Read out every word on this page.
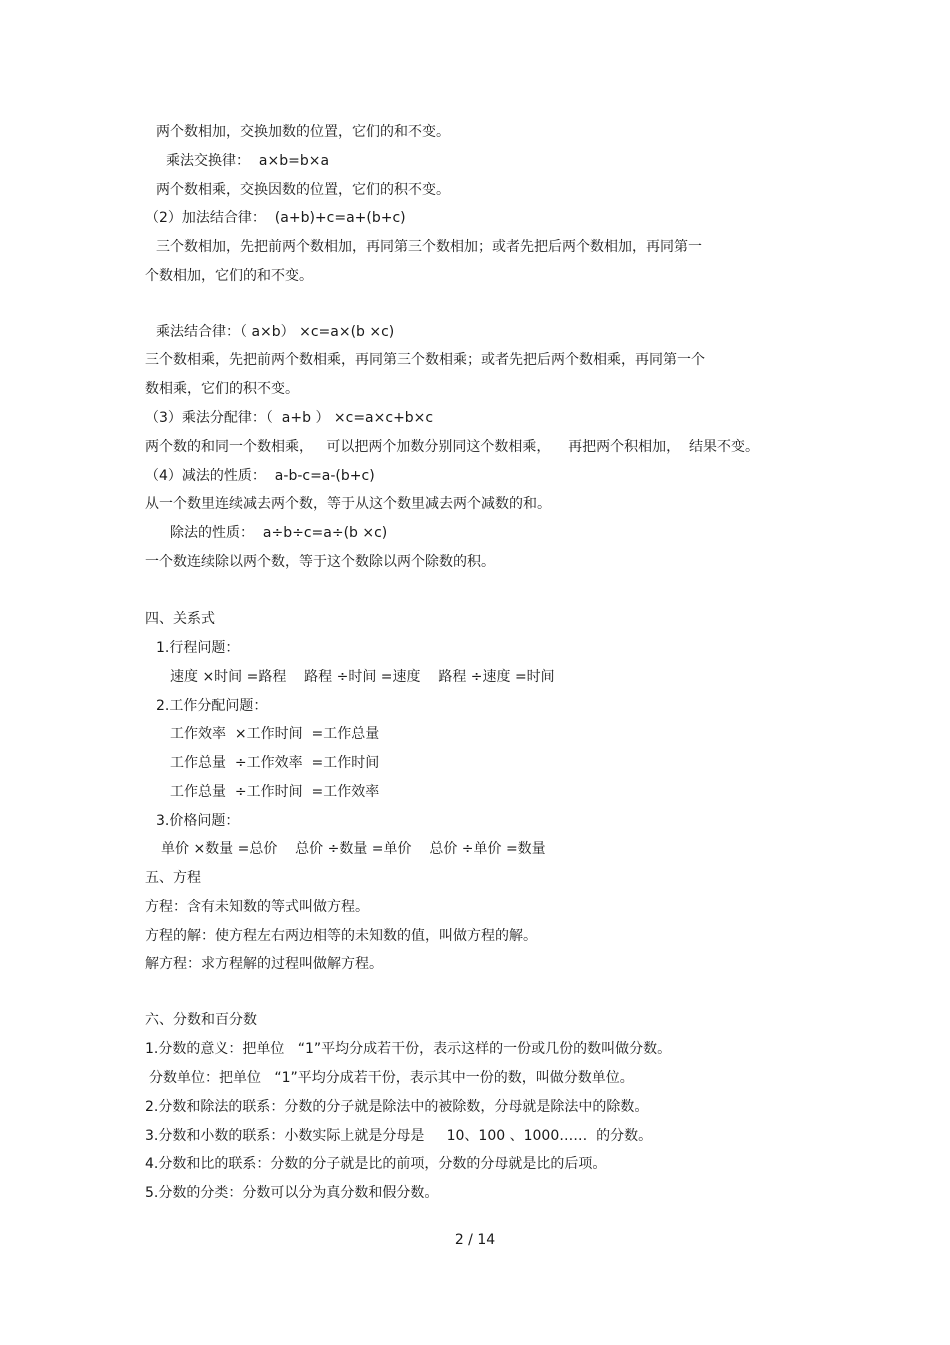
两个数相加，交换加数的位置，它们的和不变。
乘法交换律：  a×b=b×a
两个数相乘，交换因数的位置，它们的积不变。
（2）加法结合律：  (a+b)+c=a+(b+c)
三个数相加，先把前两个数相加，再同第三个数相加；或者先把后两个数相加，再同第一
个数相加，它们的和不变。
乘法结合律：（ a×b） ×c=a×(b ×c)
三个数相乘，先把前两个数相乘，再同第三个数相乘；或者先把后两个数相乘，再同第一个
数相乘，它们的积不变。
（3）乘法分配律：（  a+b ） ×c=a×c+b×c
两个数的和同一个数相乘，   可以把两个加数分别同这个数相乘，    再把两个积相加，  结果不变。
（4）减法的性质：  a-b-c=a-(b+c)
从一个数里连续减去两个数，等于从这个数里减去两个减数的和。
除法的性质：  a÷b÷c=a÷(b ×c)
一个数连续除以两个数，等于这个数除以两个除数的积。
四、关系式
1.行程问题：
速度 ×时间 =路程    路程 ÷时间 =速度    路程 ÷速度 =时间
2.工作分配问题：
工作效率  ×工作时间  =工作总量
工作总量  ÷工作效率  =工作时间
工作总量  ÷工作时间  =工作效率
3.价格问题：
单价 ×数量 =总价    总价 ÷数量 =单价    总价 ÷单价 =数量
五、方程
方程：含有未知数的等式叫做方程。
方程的解：使方程左右两边相等的未知数的值，叫做方程的解。
解方程：求方程解的过程叫做解方程。
六、分数和百分数
1.分数的意义：把单位   “1”平均分成若干份，表示这样的一份或几份的数叫做分数。
分数单位：把单位   “1”平均分成若干份，表示其中一份的数，叫做分数单位。
2.分数和除法的联系：分数的分子就是除法中的被除数，分母就是除法中的除数。
3.分数和小数的联系：小数实际上就是分母是     10、100 、1000……  的分数。
4.分数和比的联系：分数的分子就是比的前项，分数的分母就是比的后项。
5.分数的分类：分数可以分为真分数和假分数。
2 / 14
